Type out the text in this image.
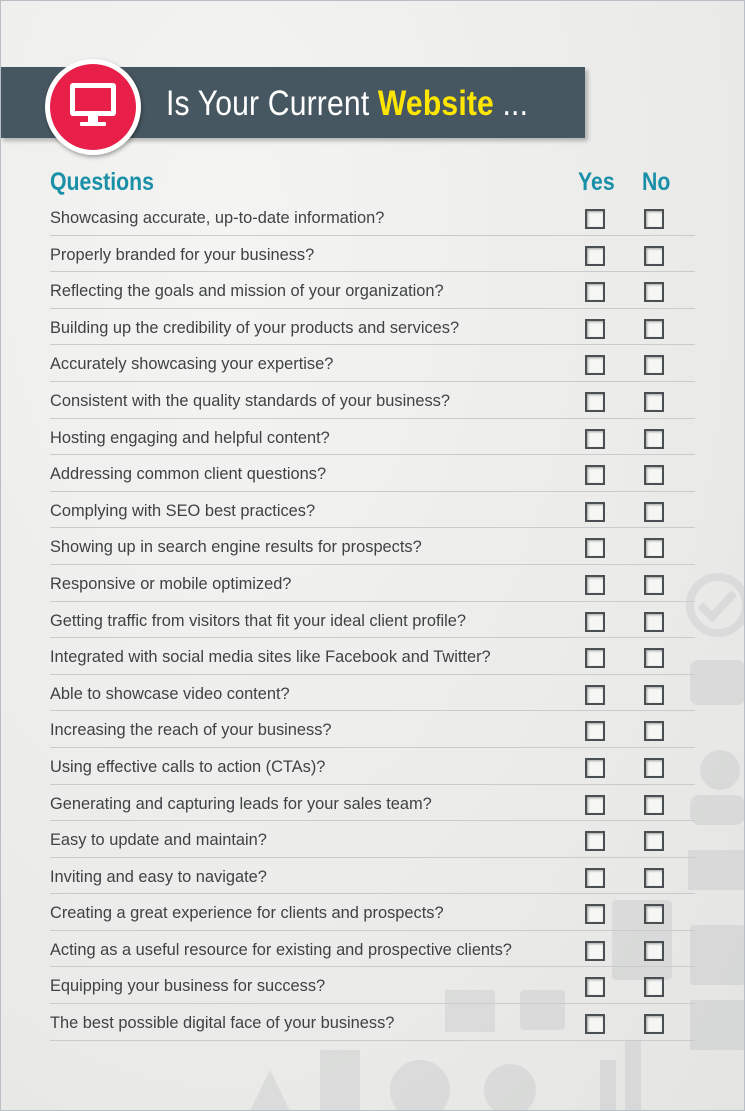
Is Your Current Website ...
Questions	Yes No
Showcasing accurate, up-to-date information?
Properly branded for your business?
Reflecting the goals and mission of your organization?
Building up the credibility of your products and services?
Accurately showcasing your expertise?
Consistent with the quality standards of your business?
Hosting engaging and helpful content?
Addressing common client questions?
Complying with SEO best practices?
Showing up in search engine results for prospects?
Responsive or mobile optimized?
Getting traffic from visitors that fit your ideal client profile?
Integrated with social media sites like Facebook and Twitter?
Able to showcase video content?
Increasing the reach of your business?
Using effective calls to action (CTAs)?
Generating and capturing leads for your sales team?
Easy to update and maintain?
Inviting and easy to navigate?
Creating a great experience for clients and prospects?
Acting as a useful resource for existing and prospective clients?
Equipping your business for success?
The best possible digital face of your business?
